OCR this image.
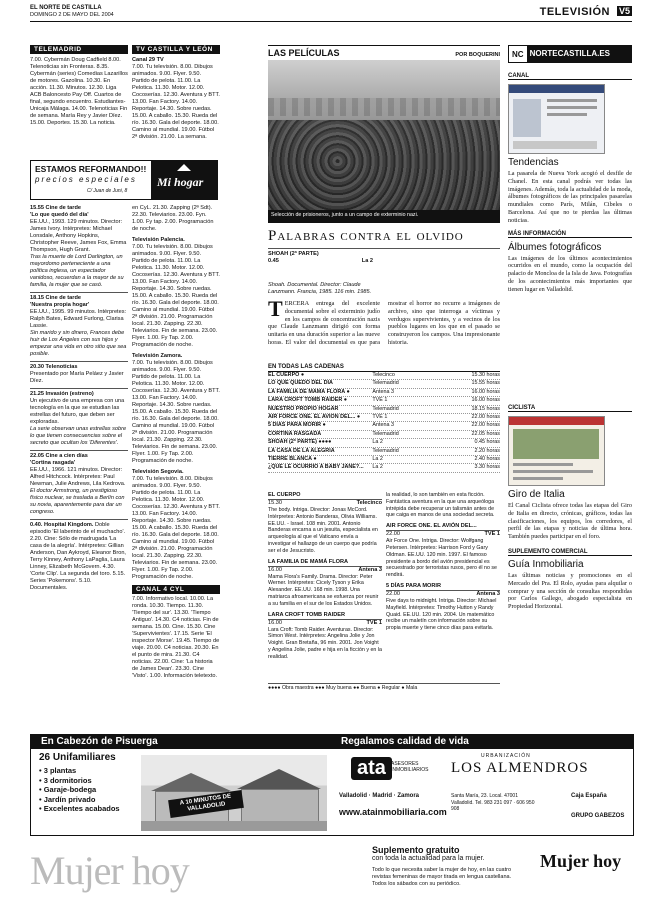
EL NORTE DE CASTILLA
DOMINGO 2 DE MAYO DEL 2004	TELEVISIÓN V5
TELEMADRID

7.00. Cybermán Doug Cadfield 8.00. Telenoticias sin Fronteras. 8.35. Cybermán (series) Comedias Lazarillos de motores. Gazolina. 10.30. En acción. 11.30. Minutos. 12.30. Liga ACB Baloncesto Pay Off. Cuartos de final, segundo encuentro. Estudiantes-Unicaja Málaga. 14.00. Telenoticias Fin de semana. María Rey y Javier Díez. 15.00. Deportes. 15.30. La noticia.

ESTAMOS REFORMANDO!!
precios especiales
C/ Juan de Juni, 8
Mi hogar

15.55 Cine de tarde
'Lo que quedó del día'
EE.UU., 1993. 129 minutos. Director: James Ivory. Intérpretes: Michael Lonsdale, Anthony Hopkins, Christopher Reeve, James Fox, Emma Thompson, Hugh Grant.
Tras la muerte de Lord Darlington, un mayordomo perteneciente a una política inglesa, un espectador vanidoso, recuerdan a la mayor de su familia, la mujer que se casó.

18.15 Cine de tarde
'Nuestra propia hogar'
EE.UU., 1995. 99 minutos. Intérpretes: Ralph Bates, Edward Furlong, Clarisa Lassie.
Sin marido y sin dinero, Frances debe huir de Los Ángeles con sus hijos y empezar una vida en otro sitio que sea posible.

20.30 Telenoticias
Presentado por María Peláez y Javier Díez.

21.25 Invasión (estreno)
Un ejecutivo de una empresa con una tecnología en la que se estudian las estrellas del futuro, que deben ser exploradas.
La serie observan unas estrellas sobre lo que tienen consecuencias sobre el secreto que ocultan los 'Diferentes'.

22.05 Cine a cien días
'Cortina rasgada'
EE.UU., 1966. 121 minutos. Director: Alfred Hitchcock. Intérpretes: Paul Newman, Julie Andrews, Lila Kedrova.
El doctor Armstrong, un prestigioso físico nuclear, se traslada a Berlín con su novia, aparentemente para dar un congreso.

0.40. Hospital Kingdom. Doble episodio 'El laberinto de el muchacho'. 2.20. Cine: Sólo de madrugada 'La casa de la alegría'. Intérpretes: Gillian Anderson, Dan Aykroyd, Eleanor Bron, Terry Kinney, Anthony LaPaglia, Laura Linney, Elizabeth McGovern. 4.30. 'Corte Clip'. La segunda del toro. 5.15. Series 'Pokemons'. 5.10. Documentales.

TV CASTILLA Y LEÓN

Canal 29 TV

7.00. Tu televisión. 8.00. Dibujos animados. 9.00. Flyer. 9.50. Partido de pelota. 11.00. La Pelotica. 11.30. Motor. 12.00. Cocoserías. 12.30. Aventura y BTT. 13.00. Fan Factory. 14.00. Reportaje. 14.30. Sobre ruedas. 15.00. A caballo. 15.30. Rueda del río. 16.30. Gala del deporte. 18.00. Camino al mundial. 19.00. Fútbol 2ª división. 21.00. La semana.

en CyL. 21.30. Zapping (2ª Sdt). 22.30. Televiarios. 23.00. Fyn. 1.00. Fy tap. 2.00. Programación de noche.

Televisión Palencia.

7.00. Tu televisión. 8.00. Dibujos animados. 9.00. Flyer. 9.50. Partido de pelota. 11.00. La Pelotica. 11.30. Motor. 12.00. Cocoserías. 12.30. Aventura y BTT. 13.00. Fan Factory. 14.00. Reportaje. 14.30. Sobre ruedas. 15.00. A caballo. 15.30. Rueda del río. 16.30. Gala del deporte. 18.00. Camino al mundial. 19.00. Fútbol 2ª división. 21.00. Programación local. 21.30. Zapping. 22.30. Televiarios. Fin de semana. 23.00. Flyer. 1.00. Fy Tap. 2.00. Programación de noche.

Televisión Zamora.

7.00. Tu televisión. 8.00. Dibujos animados. 9.00. Flyer. 9.50. Partido de pelota. 11.00. La Pelotica. 11.30. Motor. 12.00. Cocoserías. 12.30. Aventura y BTT. 13.00. Fan Factory. 14.00. Reportaje. 14.30. Sobre ruedas. 15.00. A caballo. 15.30. Rueda del río. 16.30. Gala del deporte. 18.00. Camino al mundial. 19.00. Fútbol 2ª división. 21.00. Programación local. 21.30. Zapping. 22.30. Televiarios. Fin de semana. 23.00. Flyer. 1.00. Fy Tap. 2.00. Programación de noche.

Televisión Segovia.

7.00. Tu televisión. 8.00. Dibujos animados. 9.00. Flyer. 9.50. Partido de pelota. 11.00. La Pelotica. 11.30. Motor. 12.00. Cocoserías. 12.30. Aventura y BTT. 13.00. Fan Factory. 14.00. Reportaje. 14.30. Sobre ruedas. 15.00. A caballo. 15.30. Rueda del río. 16.30. Gala del deporte. 18.00. Camino al mundial. 19.00. Fútbol 2ª división. 21.00. Programación local. 21.30. Zapping. 22.30. Televiarios. Fin de semana. 23.00. Flyer. 1.00. Fy Tap. 2.00. Programación de noche.

CANAL 4 CYL

7.00. Informativo local. 10.00. La ronda. 10.30. Tiempo. 11.30. 'Tiempo del sur'. 13.30. 'Tiempo Antiguo'. 14.30. C4 noticias. Fin de semana. 15.00. Cine. 15.30. Cine 'Supervivientes'. 17.15. Serie 'El inspector Morse'. 19.45. Tiempo de viaje. 20.00. C4 noticias. 20.30. En el punto de mira. 21.30. C4 noticias. 22.00. Cine: 'La historia de James Dean'. 23.30. Cine 'Visto'. 1.00. Información teletexto.

LAS PELÍCULAS	POR BOQUERINI
Selección de prisioneros, junto a un campo de exterminio nazi.
Palabras contra el olvido
SHOAH (2ª PARTE)
0.45	La 2

Shoah. Documental. Director: Claude Lanzmann. Francia, 1985. 116 min. 1985.

TERCERA entrega del excelente documental sobre el exterminio judío en los campos de concentración nazis que Claude Lanzmann dirigió con forma unitaria en una duración superior a las nueve horas. El valor del documental es que para mostrar el horror no recurre a imágenes de archivo, sino que interroga a víctimas y verdugos supervivientes, y a vecinos de los pueblos lugares en los que en el pasado se construyeron los campos. Una impresionante historia.
EN TODAS LAS CADENAS
EL CUERPO ●	Telecinco	15.30 horas
LO QUE QUEDÓ DEL DÍA	Telemadrid	15.55 horas
LA FAMILIA DE MAMÁ FLORA ●	Antena 3	16.00 horas
LARA CROFT TOMB RAIDER ●	TVE 1	16.00 horas
NUESTRO PROPIO HOGAR	Telemadrid	18.15 horas
AIR FORCE ONE. EL AVIÓN DEL... ●	TVE 1	22.00 horas
5 DÍAS PARA MORIR ●	Antena 3	22.00 horas
CORTINA RASGADA	Telemadrid	22.05 horas
SHOAH (2ª PARTE) ●●●●	La 2	0.45 horas
LA CASA DE LA ALEGRÍA	Telemadrid	2.20 horas
TIERRE BLANCA ●	La 2	2.40 horas
¿QUÉ LE OCURRIÓ A BABY JANE?...	La 2	3.30 horas
EL CUERPO
15.30	Telecinco

The body. Intriga. Director: Jonas McCord. Intérpretes: Antonio Banderas, Olivia Williams. EE.UU. - Israel. 108 min. 2001. Antonio Banderas encarna a un jesuita, especialista en arqueología al que el Vaticano envía a investigar el hallazgo de un cuerpo que podría ser el de Jesucristo.

LA FAMILIA DE MAMÁ FLORA
16.00	Antena 3

Mama Flora's Family. Drama. Director: Peter Werner. Intérpretes: Cicely Tyson y Erika Alexander. EE.UU. 168 min. 1998. Una matriarca afroamericana se esfuerza por reunir a su familia en el sur de los Estados Unidos.

LARA CROFT TOMB RAIDER
16.00	TVE 1

Lara Croft: Tomb Raider. Aventuras. Director: Simon West. Intérpretes: Angelina Jolie y Jon Voight. Gran Bretaña, 96 min. 2001. Jon Voight y Angelina Jolie, padre e hija en la ficción y en la realidad.

la realidad, lo son también en esta ficción. Fantástica aventura en la que una arqueóloga intrépida debe recuperar un talismán antes de que caiga en manos de una sociedad secreta.

AIR FORCE ONE. EL AVIÓN DEL...
22.00	TVE 1

Air Force One. Intriga. Director: Wolfgang Petersen. Intérpretes: Harrison Ford y Gary Oldman. EE.UU. 120 min. 1997. El famoso presidente a bordo del avión presidencial es secuestrado por terroristas rusos, pero él no se rendirá.

5 DÍAS PARA MORIR
22.00	Antena 3

Five days to midnight. Intriga. Director: Michael Mayfield. Intérpretes: Timothy Hutton y Randy Quaid. EE.UU. 120 min. 2004. Un matemático recibe un maletín con información sobre su propia muerte y tiene cinco días para evitarla.

●●●● Obra maestra ●●● Muy buena ●● Buena ● Regular ● Mala
NC NORTECASTILLA.ES
CANAL
Tendencias

La pasarela de Nueva York acogió el desfile de Chanel. En esta canal podrás ver todas las imágenes. Además, toda la actualidad de la moda, álbumes fotográficos de las principales pasarelas mundiales como París, Milán, Cibeles o Barcelona. Así que no te pierdas las últimas noticias.

MÁS INFORMACIÓN
Álbumes fotográficos

Las imágenes de los últimos acontecimientos ocurridos en el mundo, como la ocupación del palacio de Moncloa de la Isla de Java. Fotografías de los acontecimientos más importantes que tienen lugar en Valladolid.

CICLISTA
Giro de Italia

El Canal Ciclista ofrece todas las etapas del Giro de Italia en directo, crónicas, gráficos, todas las clasificaciones, los equipos, los corredores, el perfil de las etapas y noticias de última hora. También puedes participar en el foro.

SUPLEMENTO COMERCIAL
Guía Inmobiliaria

Las últimas noticias y promociones en el Mercado del Pra. El Rolo, ayudas para alquilar o comprar y una sección de consultas respondidas por Carlos Gallego, abogado especialista en Propiedad Horizontal.

En Cabezón de Pisuerga
26 Unifamiliares
• 3 plantas
• 3 dormitorios
• Garaje-bodega
• Jardín privado
• Excelentes acabados
A 10 MINUTOS DE VALLADOLID
Regalamos calidad de vida
ata	ASESORES INMOBILIARIOS
Valladolid · Madrid · Zamora
www.atainmobiliaria.com
Santa María, 23. Local. 47001 Valladolid. Tel. 983 231 097 · 606 950 908
URBANIZACIÓN
LOS ALMENDROS
Caja España
GRUPO GABEZOS
Mujer hoy	Suplemento gratuito
con toda la actualidad para la mujer.
Todo lo que necesita saber la mujer de hoy, en las cuatro revistas femeninas de mayor tirada en lengua castellana. Todos los sábados con su periódico.
Mujer hoy
